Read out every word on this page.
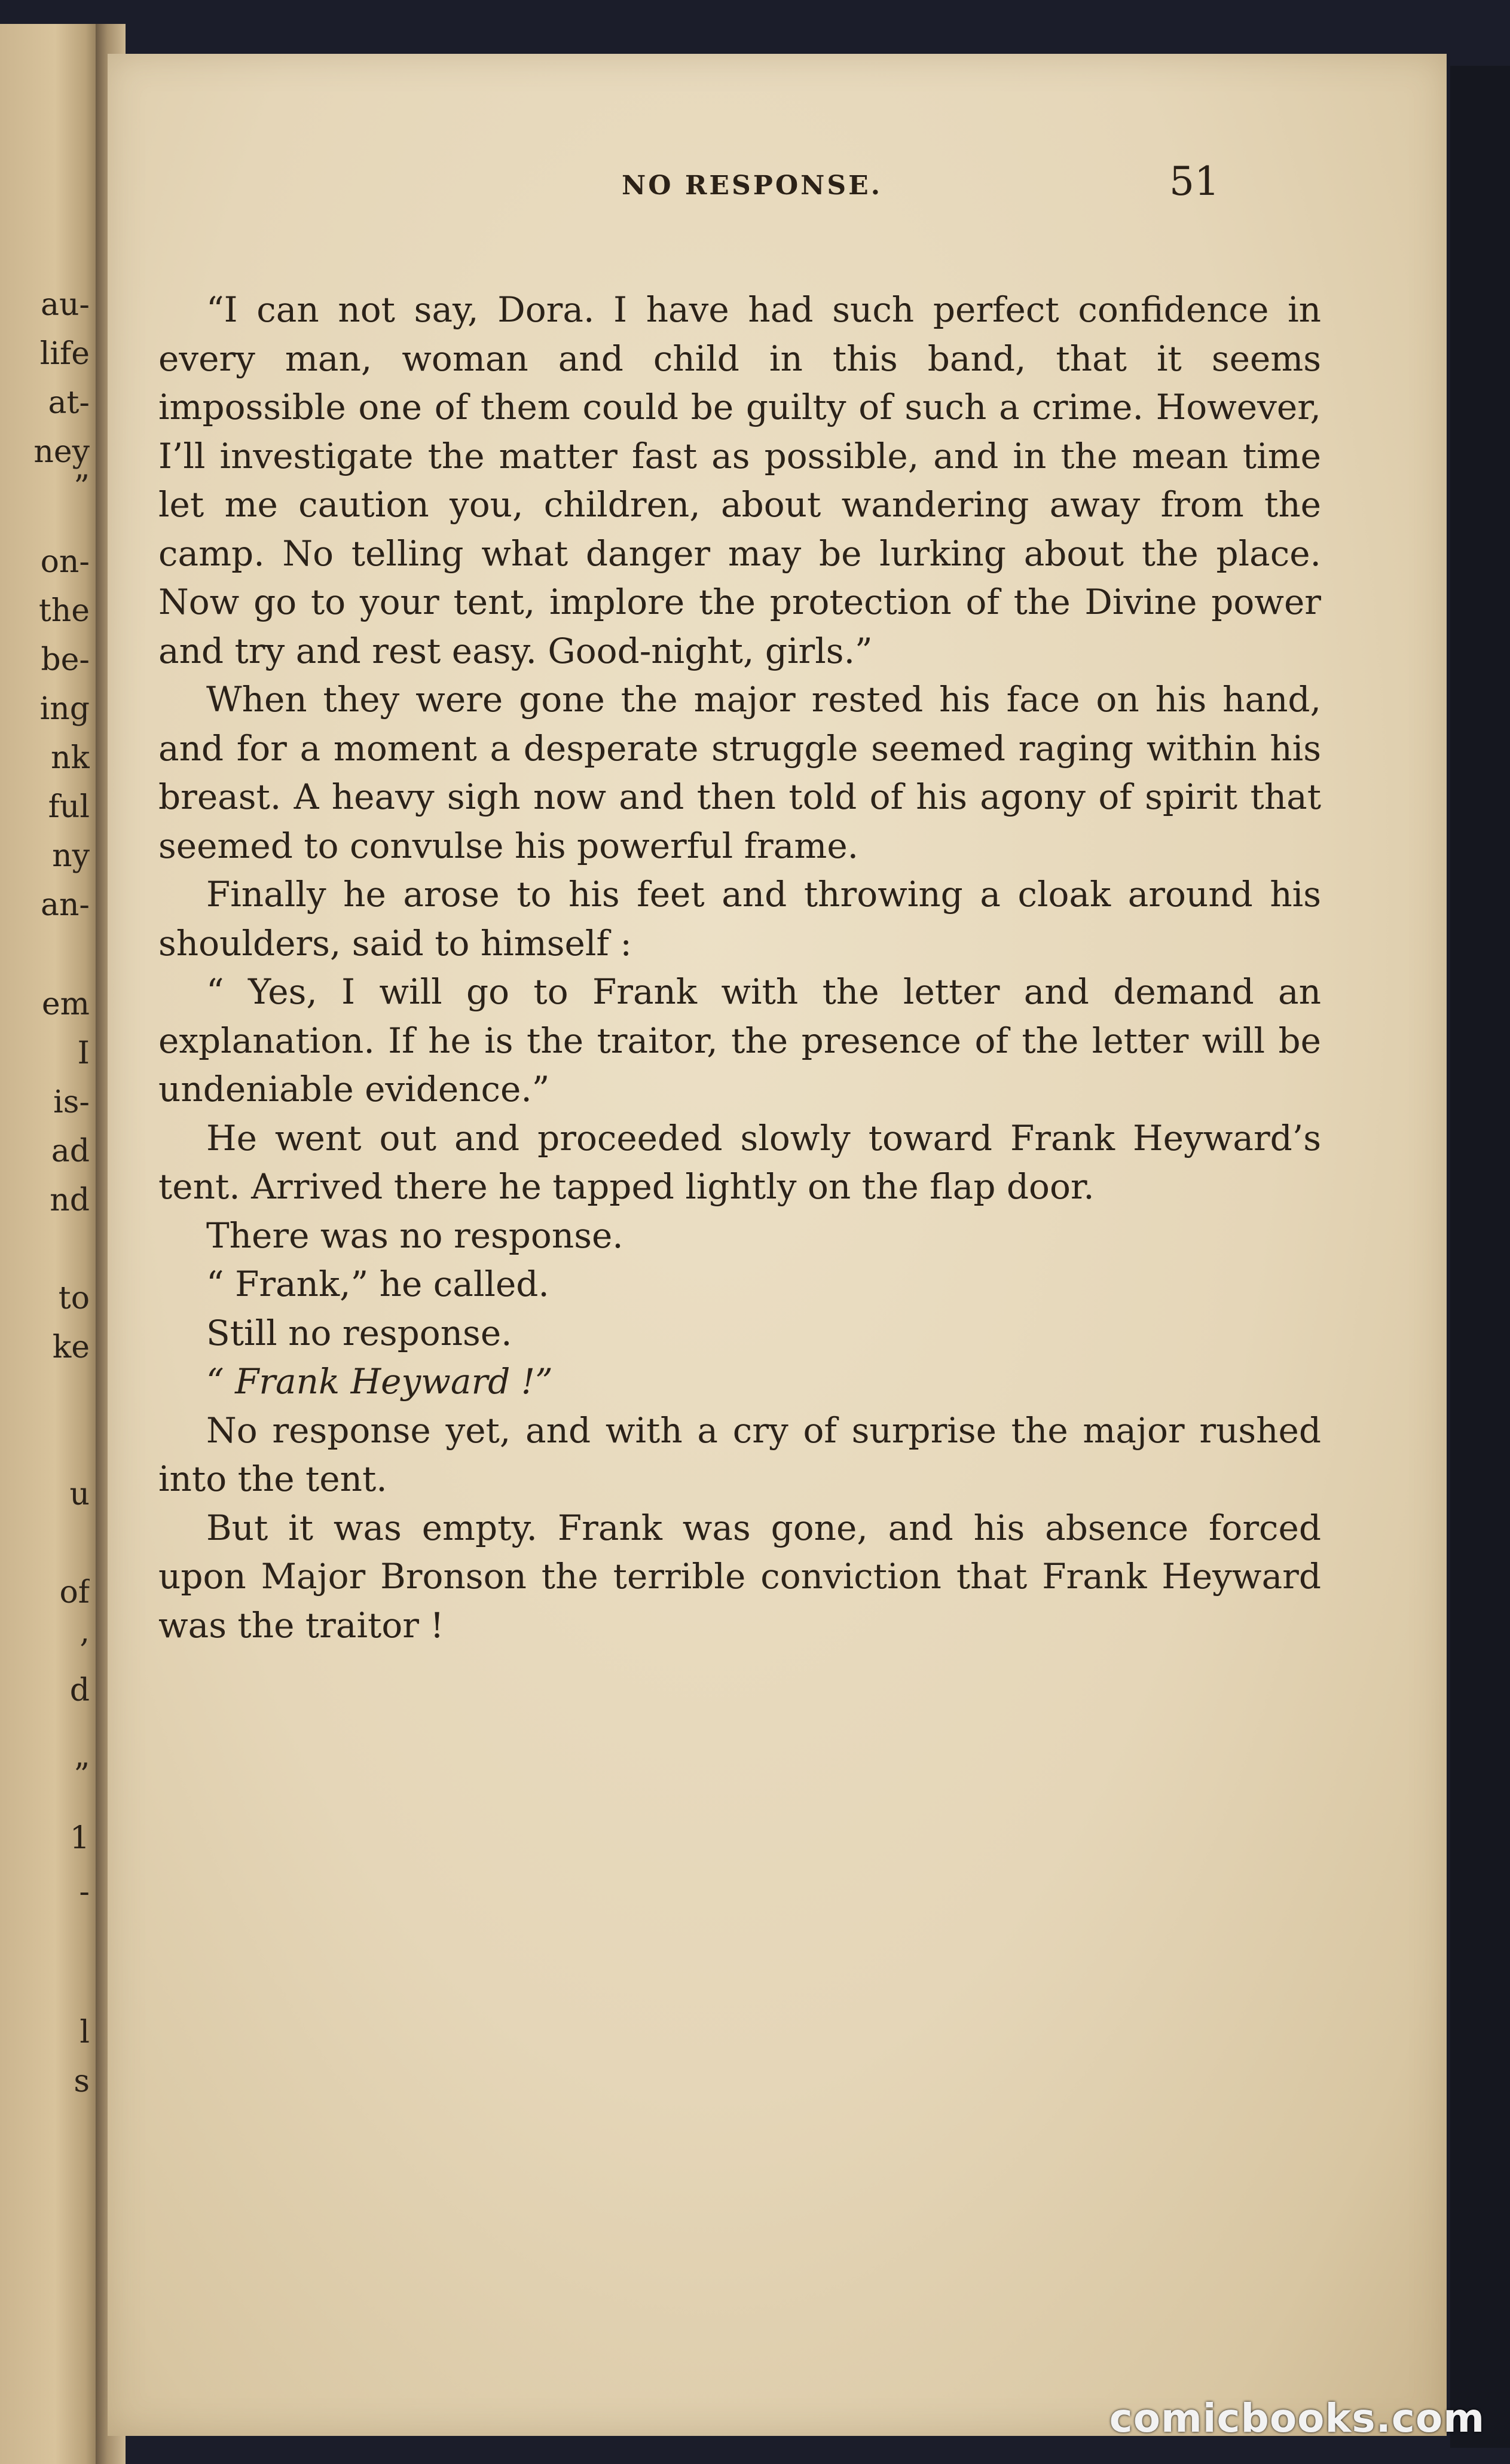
au-
life
at-
ney
”
on-
the
be-
ing
nk
ful
ny
an-
em
I
is-
ad
nd
to
ke
u
of
,
d
”
1
-
l
s
NO RESPONSE.	51

“I can not say, Dora. I have had such perfect confidence in every man, woman and child in this band, that it seems impossible one of them could be guilty of such a crime. However, I’ll investigate the matter fast as possible, and in the mean time let me caution you, children, about wandering away from the camp. No telling what danger may be lurking about the place. Now go to your tent, implore the protection of the Divine power and try and rest easy. Good-night, girls.”

When they were gone the major rested his face on his hand, and for a moment a desperate struggle seemed raging within his breast. A heavy sigh now and then told of his agony of spirit that seemed to convulse his powerful frame.

Finally he arose to his feet and throwing a cloak around his shoulders, said to himself :

“ Yes, I will go to Frank with the letter and demand an explanation. If he is the traitor, the presence of the letter will be undeniable evidence.”

He went out and proceeded slowly toward Frank Heyward’s tent. Arrived there he tapped lightly on the flap door.

There was no response.

“ Frank,” he called.

Still no response.

“ Frank Heyward !”

No response yet, and with a cry of surprise the major rushed into the tent.

But it was empty. Frank was gone, and his absence forced upon Major Bronson the terrible conviction that Frank Heyward was the traitor !

comicbooks.com
